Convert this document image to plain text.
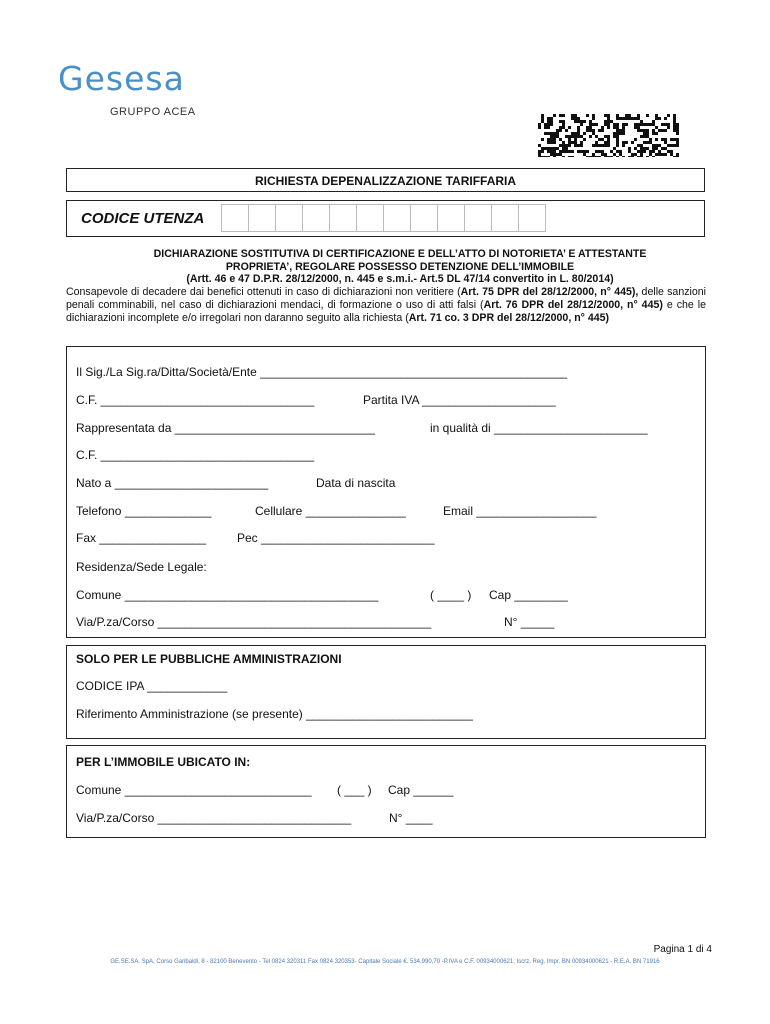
Gesesa
GRUPPO ACEA
RICHIESTA DEPENALIZZAZIONE TARIFFARIA
CODICE UTENZA
DICHIARAZIONE SOSTITUTIVA DI CERTIFICAZIONE E DELL’ATTO DI NOTORIETA’ E ATTESTANTE
PROPRIETA’, REGOLARE POSSESSO DETENZIONE DELL’IMMOBILE
(Artt. 46 e 47 D.P.R. 28/12/2000, n. 445 e s.m.i.- Art.5 DL 47/14 convertito in L. 80/2014)
Consapevole di decadere dai benefici ottenuti in caso di dichiarazioni non veritiere (Art. 75 DPR del 28/12/2000, n° 445), delle sanzioni penali comminabili, nel caso di dichiarazioni mendaci, di formazione o uso di atti falsi (Art. 76 DPR del 28/12/2000, n° 445) e che le dichiarazioni incomplete e/o irregolari non daranno seguito alla richiesta (Art. 71 co. 3 DPR del 28/12/2000, n° 445)
Il Sig./La Sig.ra/Ditta/Società/Ente ______________________________________________
C.F. ________________________________	Partita IVA ____________________
Rappresentata da ______________________________	in qualità di _______________________
C.F. ________________________________
Nato a _______________________	Data di nascita
Telefono _____________	Cellulare _______________	Email __________________
Fax ________________	Pec __________________________
Residenza/Sede Legale:
Comune ______________________________________	( ____ ) Cap ________
Via/P.za/Corso _________________________________________	N° _____
SOLO PER LE PUBBLICHE AMMINISTRAZIONI
CODICE IPA ____________
Riferimento Amministrazione (se presente) _________________________
PER L’IMMOBILE UBICATO IN:
Comune ____________________________ ( ___ ) Cap ______
Via/P.za/Corso _____________________________	N° ____
Pagina 1 di 4
GE.SE.SA. SpA, Corso Garibaldi, 8 - 82100 Benevento - Tel 0824 320311 Fax 0824 320353- Capitale Sociale €. 534.990,70 -P.IVA e C.F. 00934000621; Iscrz. Reg. Impr. BN 00934000621 - R.E.A. BN 71916
